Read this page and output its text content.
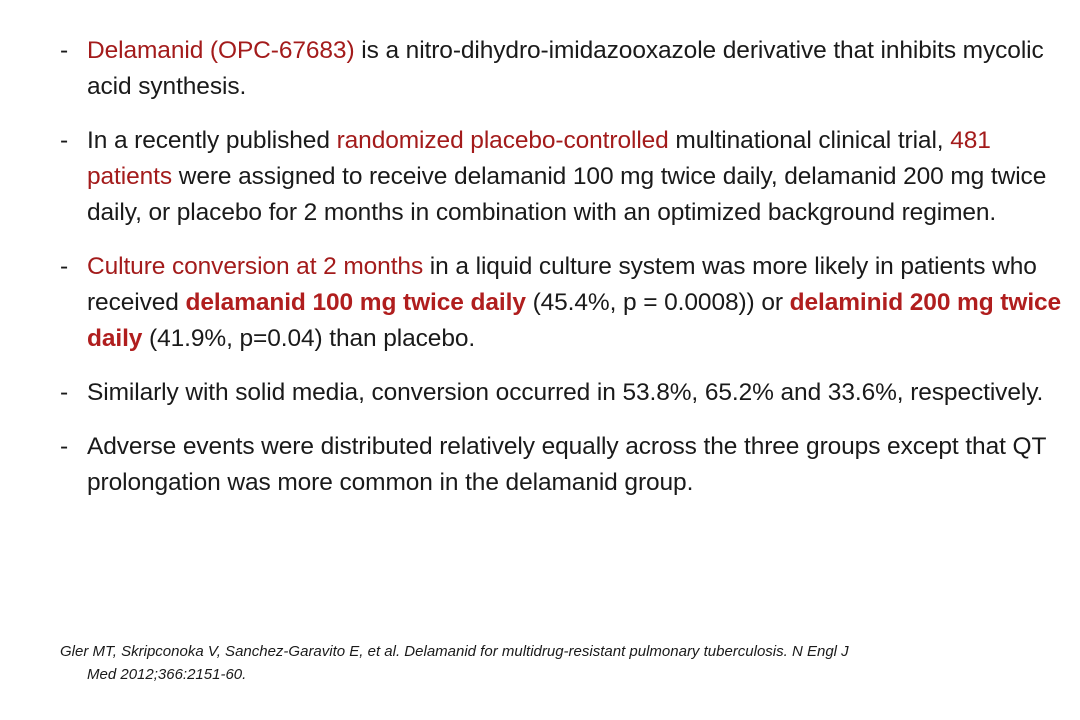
- Delamanid (OPC-67683) is a nitro-dihydro-imidazooxazole derivative that inhibits mycolic acid synthesis.
- In a recently published randomized placebo-controlled multinational clinical trial, 481 patients were assigned to receive delamanid 100 mg twice daily, delamanid 200 mg twice daily, or placebo for 2 months in combination with an optimized background regimen.
- Culture conversion at 2 months in a liquid culture system was more likely in patients who received delamanid 100 mg twice daily (45.4%, p = 0.0008)) or delaminid 200 mg twice daily (41.9%, p=0.04) than placebo.
- Similarly with solid media, conversion occurred in 53.8%, 65.2% and 33.6%, respectively.
- Adverse events were distributed relatively equally across the three groups except that QT prolongation was more common in the delamanid group.
Gler MT, Skripconoka V, Sanchez-Garavito E, et al. Delamanid for multidrug-resistant pulmonary tuberculosis. N Engl J
Med 2012;366:2151-60.
